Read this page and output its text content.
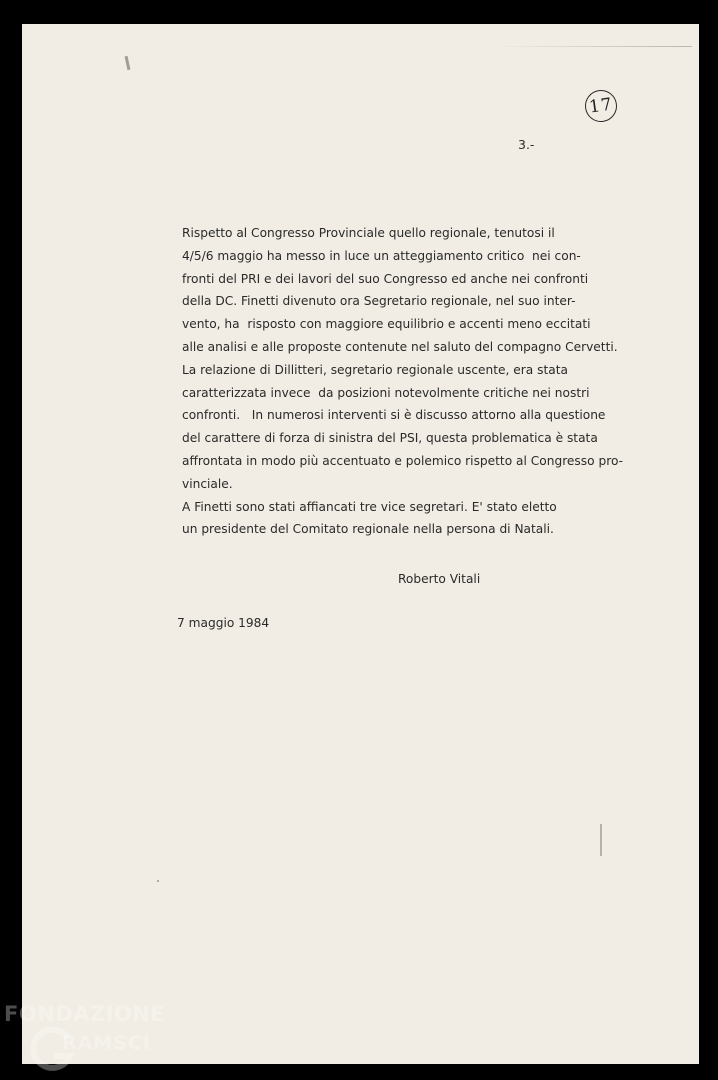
17
3.-
Rispetto al Congresso Provinciale quello regionale, tenutosi il
4/5/6 maggio ha messo in luce un atteggiamento critico  nei con-
fronti del PRI e dei lavori del suo Congresso ed anche nei confronti
della DC. Finetti divenuto ora Segretario regionale, nel suo inter-
vento, ha  risposto con maggiore equilibrio e accenti meno eccitati
alle analisi e alle proposte contenute nel saluto del compagno Cervetti.
La relazione di Dillitteri, segretario regionale uscente, era stata
caratterizzata invece  da posizioni notevolmente critiche nei nostri
confronti.   In numerosi interventi si è discusso attorno alla questione
del carattere di forza di sinistra del PSI, questa problematica è stata
affrontata in modo più accentuato e polemico rispetto al Congresso pro-
vinciale.
A Finetti sono stati affiancati tre vice segretari. E' stato eletto
un presidente del Comitato regionale nella persona di Natali.
Roberto Vitali
7 maggio 1984
FONDAZIONE
RAMSCI
